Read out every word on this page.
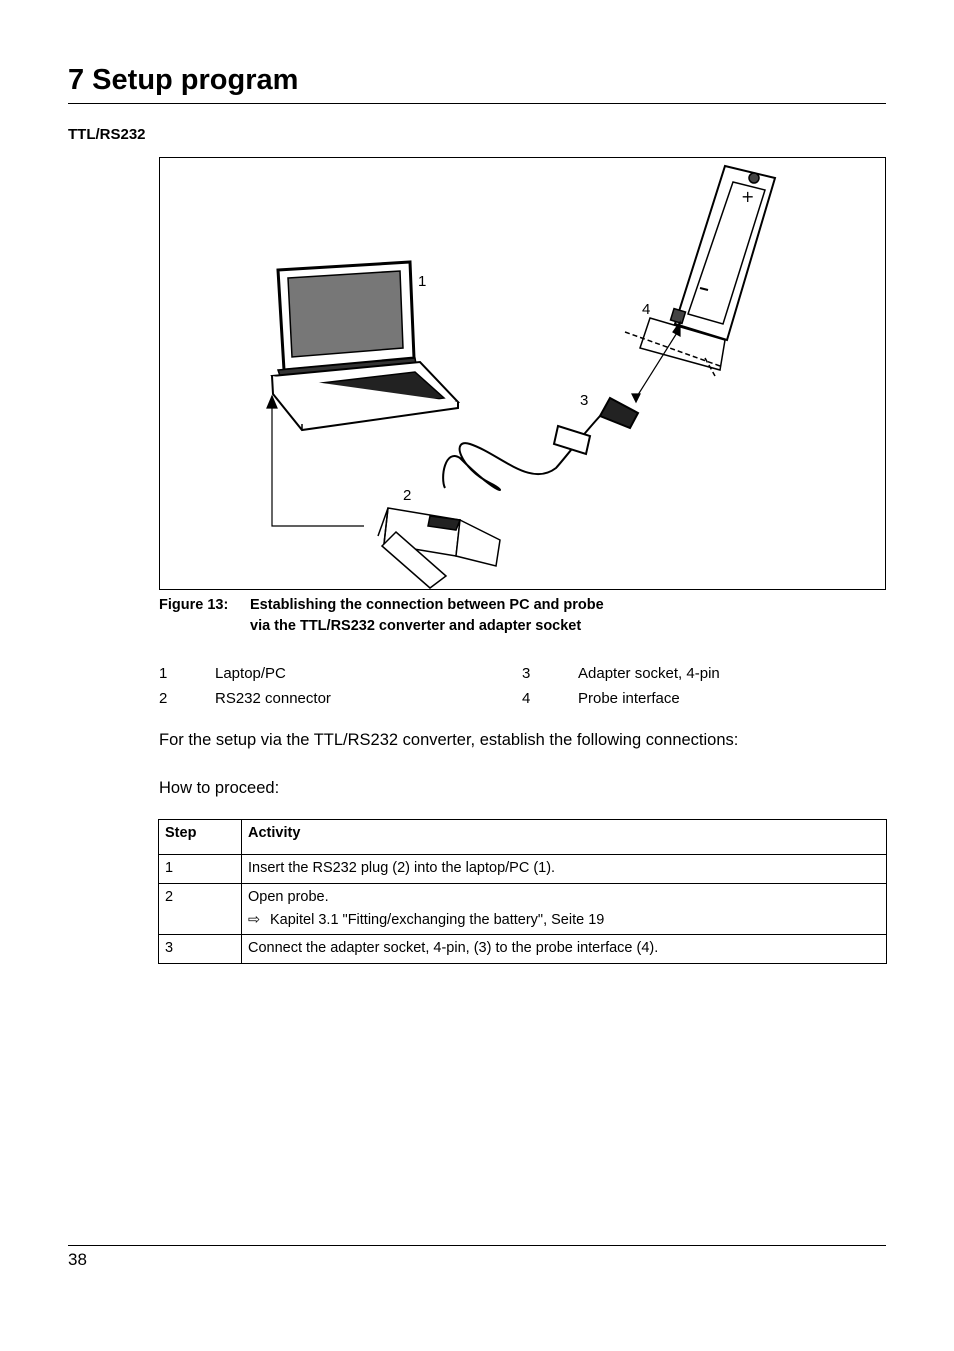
7 Setup program
TTL/RS232
+
1
2
3
4
Figure 13: Establishing the connection between PC and probe
via the TTL/RS232 converter and adapter socket
1	Laptop/PC
2	RS232 connector
3	Adapter socket, 4-pin
4	Probe interface
For the setup via the TTL/RS232 converter, establish the following connections:
How to proceed:
Step	Activity
1	Insert the RS232 plug (2) into the laptop/PC (1).
2	Open probe.
⇨ Kapitel 3.1 "Fitting/exchanging the battery", Seite 19

3	Connect the adapter socket, 4-pin, (3) to the probe interface (4).
38
